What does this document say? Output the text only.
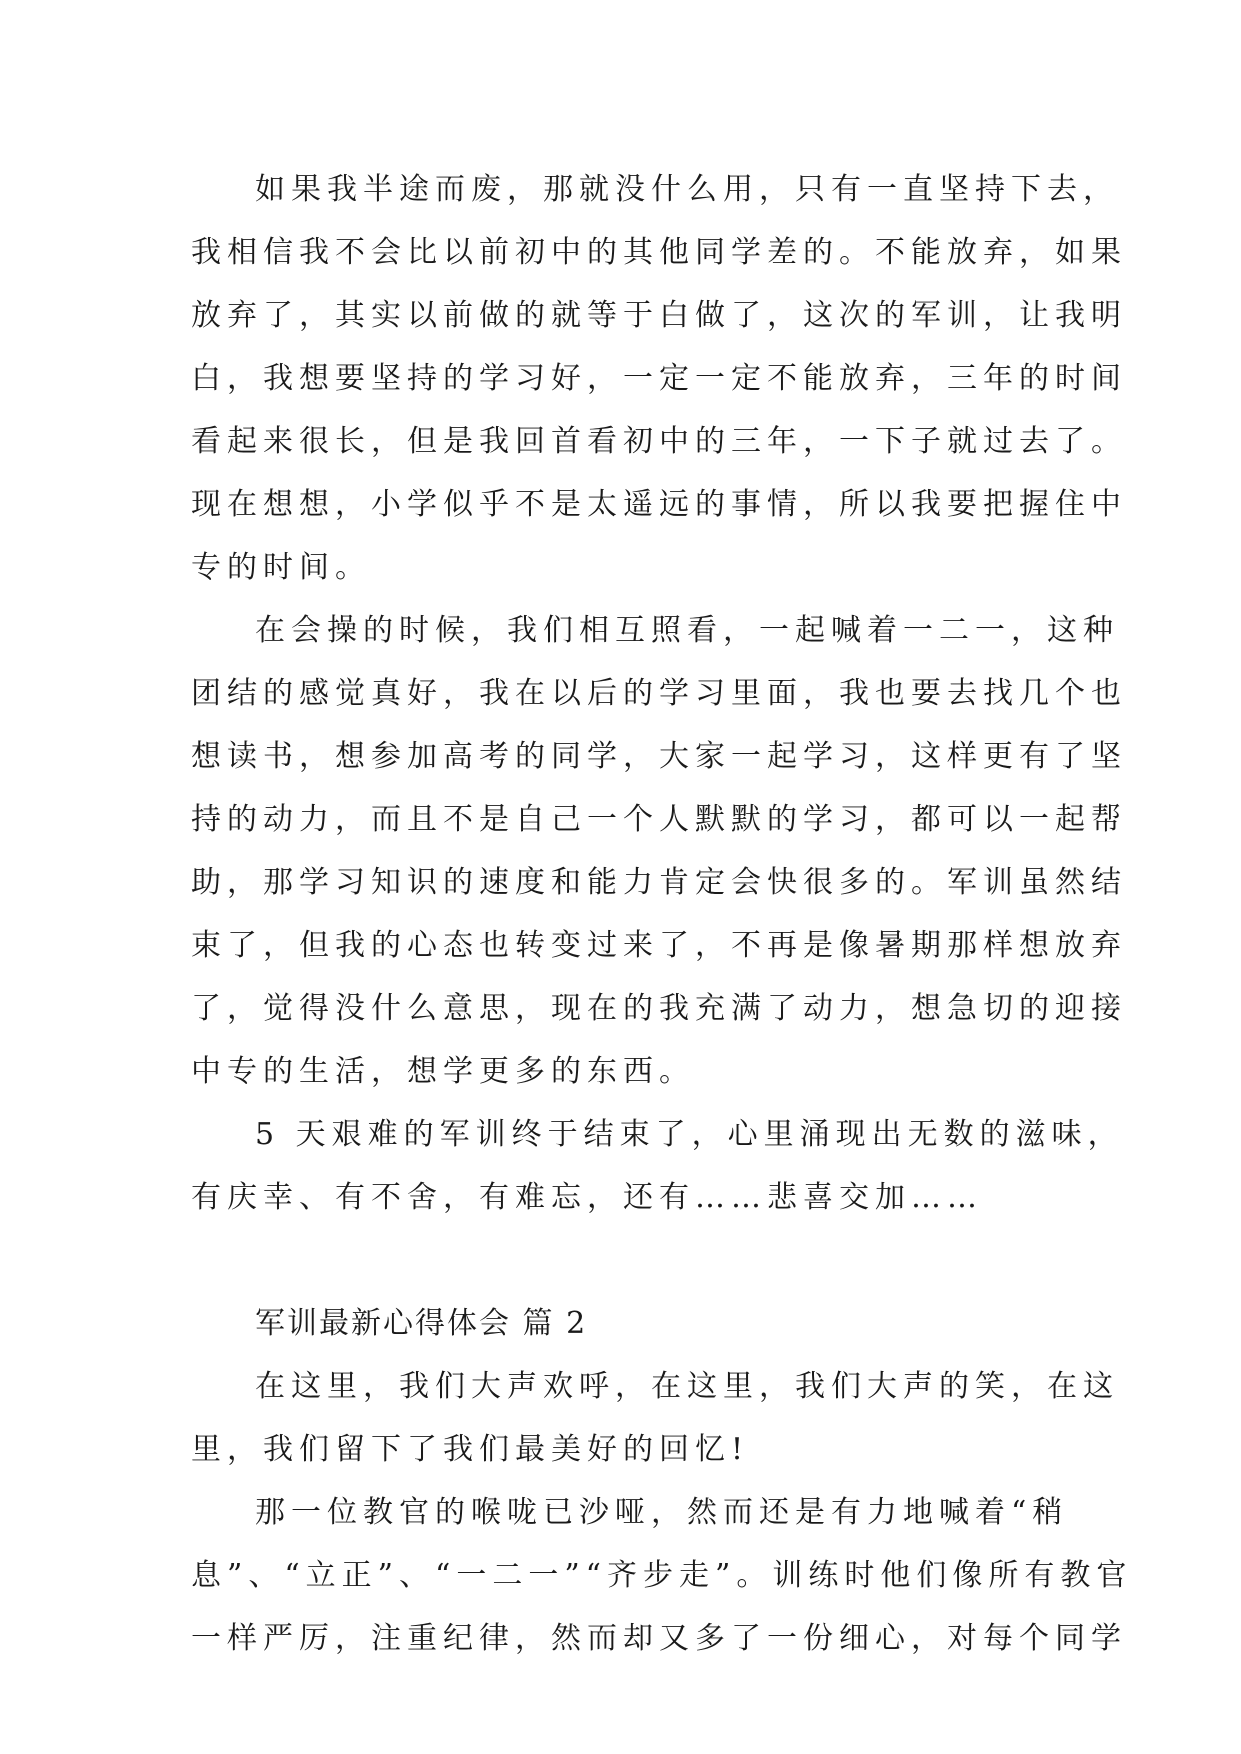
如果我半途而废，那就没什么用，只有一直坚持下去，
我相信我不会比以前初中的其他同学差的。不能放弃，如果
放弃了，其实以前做的就等于白做了，这次的军训，让我明
白，我想要坚持的学习好，一定一定不能放弃，三年的时间
看起来很长，但是我回首看初中的三年，一下子就过去了。
现在想想，小学似乎不是太遥远的事情，所以我要把握住中
专的时间。
在会操的时候，我们相互照看，一起喊着一二一，这种
团结的感觉真好，我在以后的学习里面，我也要去找几个也
想读书，想参加高考的同学，大家一起学习，这样更有了坚
持的动力，而且不是自己一个人默默的学习，都可以一起帮
助，那学习知识的速度和能力肯定会快很多的。军训虽然结
束了，但我的心态也转变过来了，不再是像暑期那样想放弃
了，觉得没什么意思，现在的我充满了动力，想急切的迎接
中专的生活，想学更多的东西。
5 天艰难的军训终于结束了，心里涌现出无数的滋味，
有庆幸、有不舍，有难忘，还有……悲喜交加……
军训最新心得体会 篇 2
在这里，我们大声欢呼，在这里，我们大声的笑，在这
里，我们留下了我们最美好的回忆!
那一位教官的喉咙已沙哑，然而还是有力地喊着“稍
息”、“立正”、“一二一”“齐步走”。训练时他们像所有教官
一样严厉，注重纪律，然而却又多了一份细心，对每个同学
